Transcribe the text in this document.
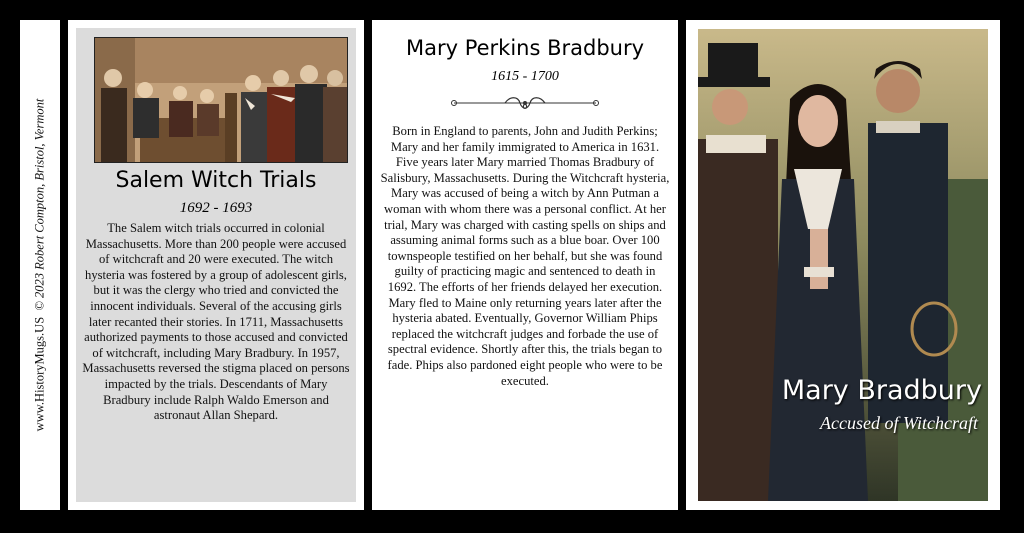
www.HistoryMugs.US  © 2023 Robert Compton, Bristol, Vermont	Salem Witch Trials
1692 - 1693
The Salem witch trials occurred in colonial Massachusetts. More than 200 people were accused of witchcraft and 20 were executed. The witch hysteria was fostered by a group of adolescent girls, but it was the clergy who tried and convicted the innocent individuals. Several of the accusing girls later recanted their stories. In 1711, Massachusetts authorized payments to those accused and convicted of witchcraft, including Mary Bradbury. In 1957, Massachusetts reversed the stigma placed on persons impacted by the trials. Descendants of Mary Bradbury include Ralph Waldo Emerson and astronaut Allan Shepard.
Mary Perkins Bradbury
1615 - 1700
Born in England to parents, John and Judith Perkins; Mary and her family immigrated to America in 1631. Five years later Mary married Thomas Bradbury of Salisbury, Massachusetts. During the Witchcraft hysteria, Mary was accused of being a witch by Ann Putman a woman with whom there was a personal conflict. At her trial, Mary was charged with casting spells on ships and assuming animal forms such as a blue boar. Over 100 townspeople testified on her behalf, but she was found guilty of practicing magic and sentenced to death in 1692. The efforts of her friends delayed her execution. Mary fled to Maine only returning years later after the hysteria abated. Eventually, Governor William Phips replaced the witchcraft judges and forbade the use of spectral evidence. Shortly after this, the trials began to fade. Phips also pardoned eight people who were to be executed.	Mary Bradbury
Accused of Witchcraft
